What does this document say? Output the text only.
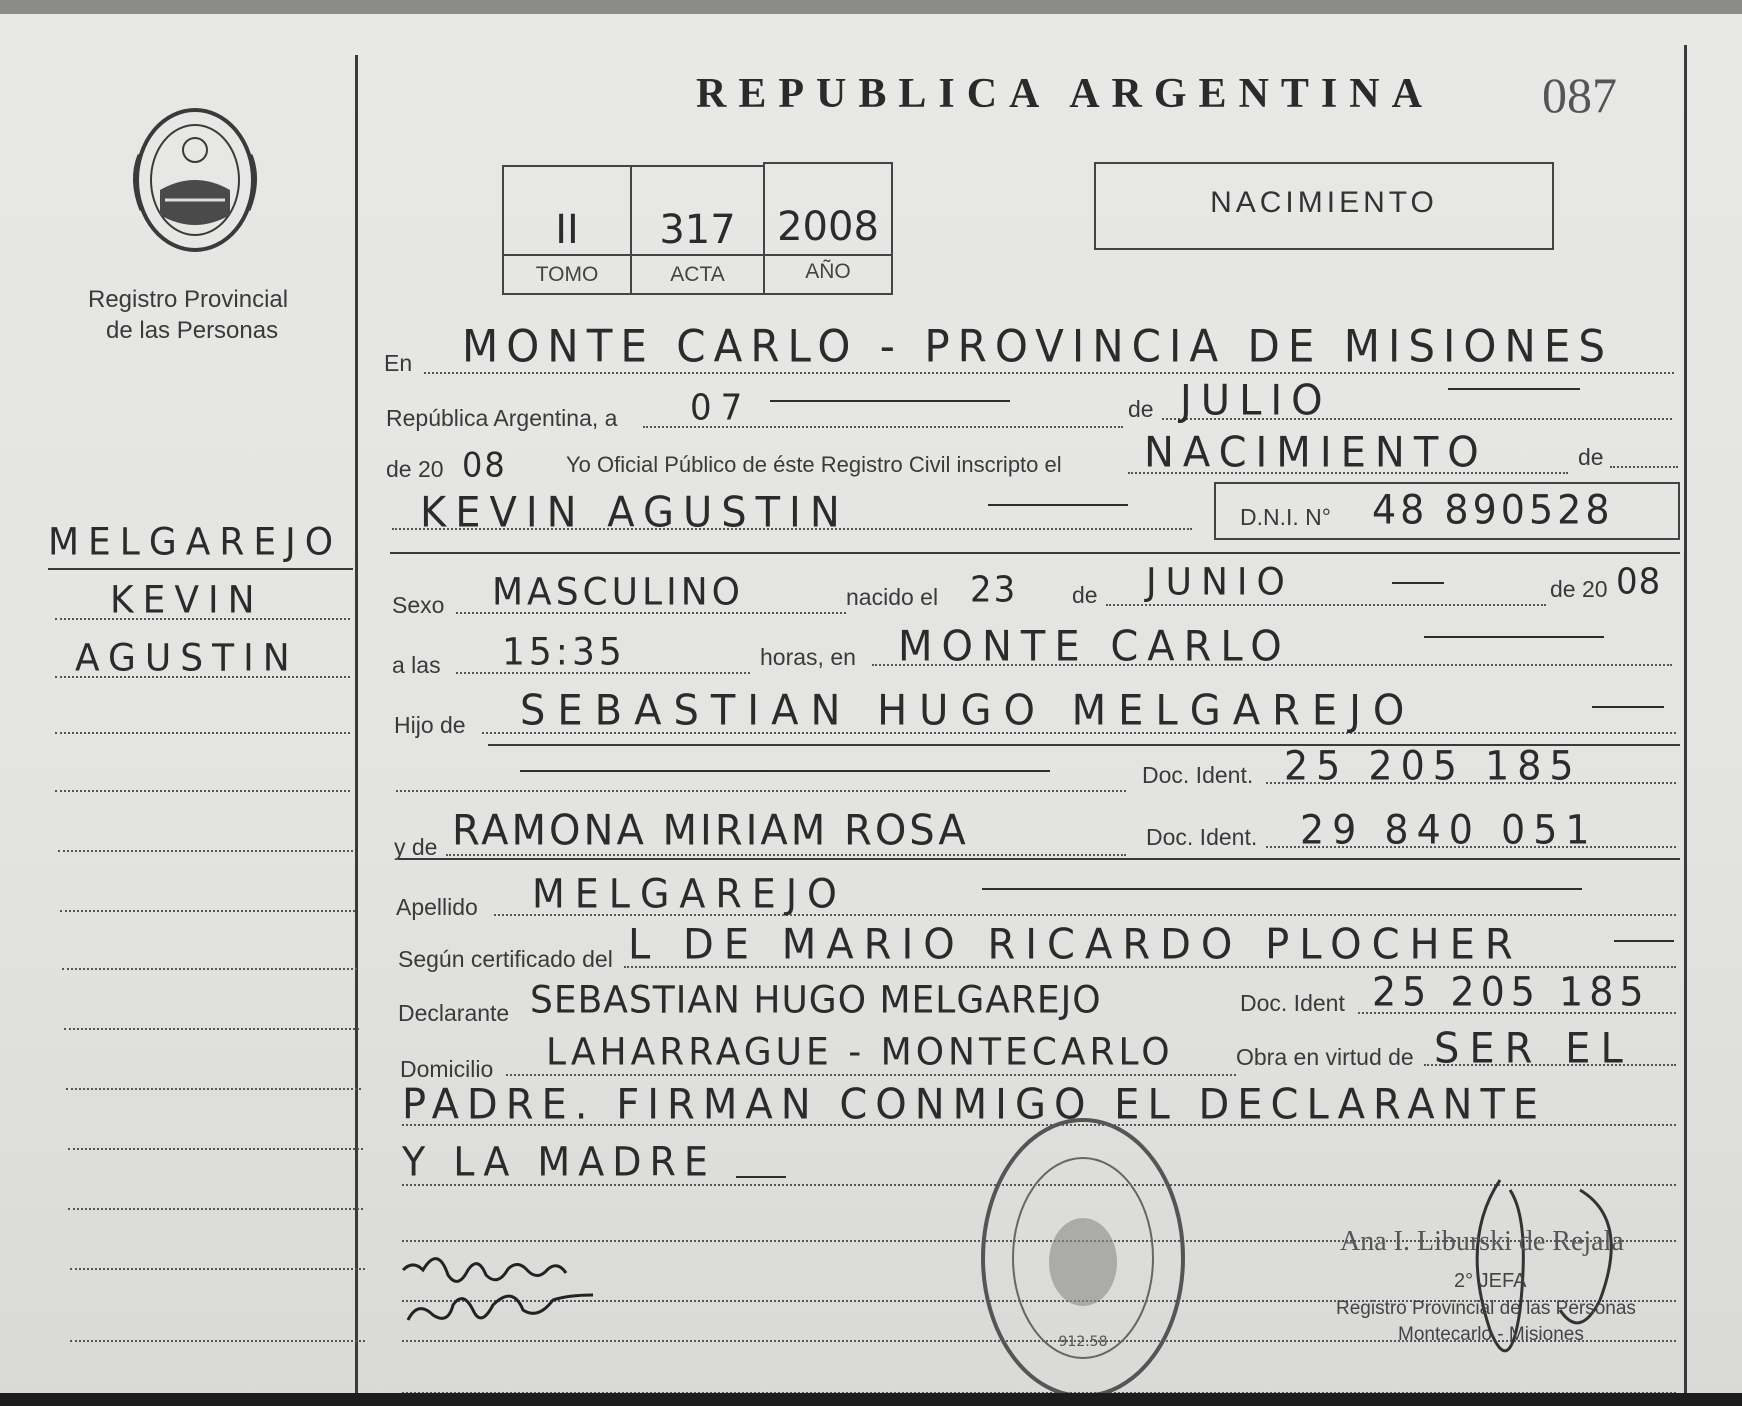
Registro Provincial
de las Personas
REPUBLICA ARGENTINA 087
II
TOMO
317
ACTA
2008
AÑO
NACIMIENTO
MELGAREJO
KEVIN
AGUSTIN
En MONTE CARLO - PROVINCIA DE MISIONES
República Argentina, a 07	de JULIO
de 20 08	Yo Oficial Público de éste Registro Civil inscripto el NACIMIENTO	de
KEVIN AGUSTIN	D.N.I. N° 48 890528
Sexo MASCULINO	nacido el 23 de JUNIO	de 20 08
a las 15:35	horas, en MONTE CARLO
Hijo de SEBASTIAN HUGO MELGAREJO
Doc. Ident. 25 205 185
y de RAMONA MIRIAM ROSA	Doc. Ident. 29 840 051
Apellido MELGAREJO
Según certificado del L DE MARIO RICARDO PLOCHER
Declarante SEBASTIAN HUGO MELGAREJO	Doc. Ident 25 205 185
Domicilio LAHARRAGUE - MONTECARLO	Obra en virtud de SER EL
PADRE. FIRMAN CONMIGO EL DECLARANTE
Y LA MADRE
912.58
Ana I. Liburski de Rejala
2° JEFA
Registro Provincial de las Personas
Montecarlo - Misiones
